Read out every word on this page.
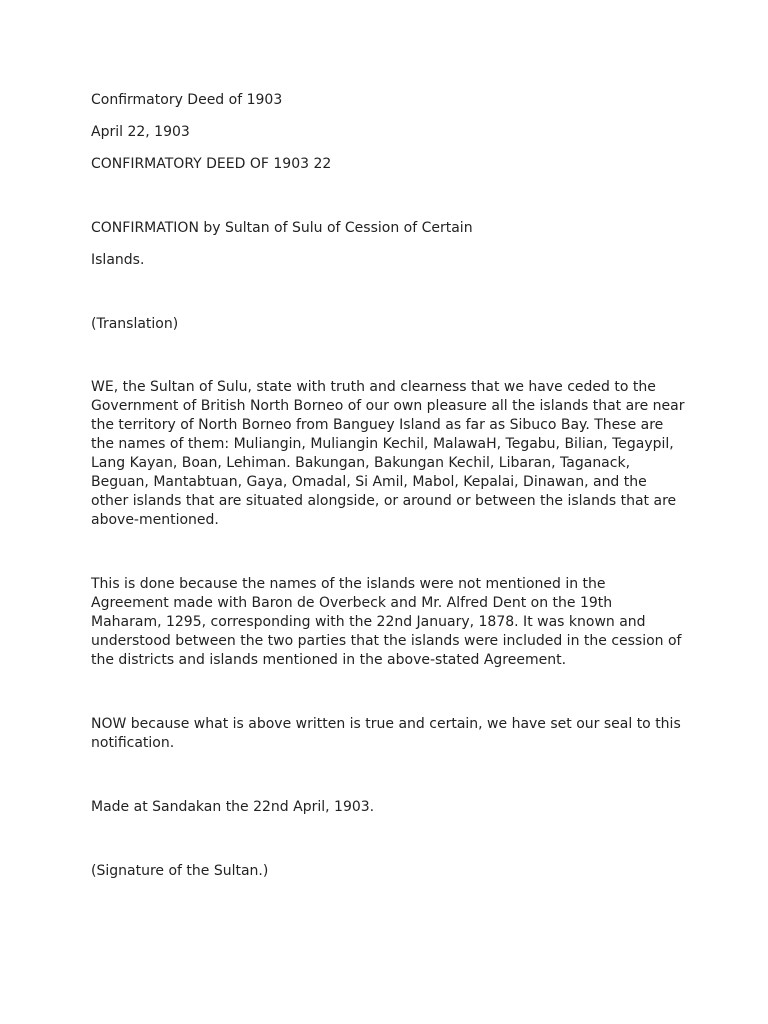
Confirmatory Deed of 1903

April 22, 1903

CONFIRMATORY DEED OF 1903 22

CONFIRMATION by Sultan of Sulu of Cession of Certain

Islands.

(Translation)

WE, the Sultan of Sulu, state with truth and clearness that we have ceded to the
Government of British North Borneo of our own pleasure all the islands that are near
the territory of North Borneo from Banguey Island as far as Sibuco Bay. These are
the names of them: Muliangin, Muliangin Kechil, MalawaH, Tegabu, Bilian, Tegaypil,
Lang Kayan, Boan, Lehiman. Bakungan, Bakungan Kechil, Libaran, Taganack,
Beguan, Mantabtuan, Gaya, Omadal, Si Amil, Mabol, Kepalai, Dinawan, and the
other islands that are situated alongside, or around or between the islands that are
above-mentioned.
This is done because the names of the islands were not mentioned in the
Agreement made with Baron de Overbeck and Mr. Alfred Dent on the 19th
Maharam, 1295, corresponding with the 22nd January, 1878. It was known and
understood between the two parties that the islands were included in the cession of
the districts and islands mentioned in the above-stated Agreement.
NOW because what is above written is true and certain, we have set our seal to this
notification.

Made at Sandakan the 22nd April, 1903.

(Signature of the Sultan.)
